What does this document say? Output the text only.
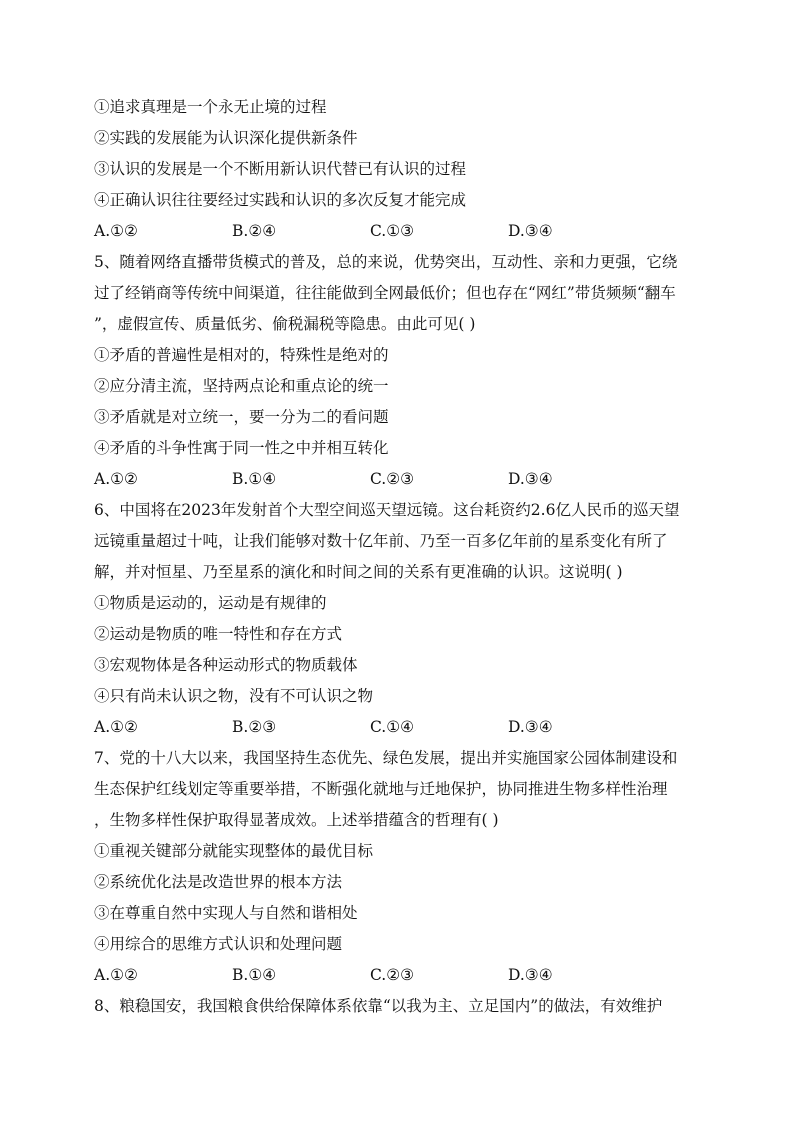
①追求真理是一个永无止境的过程
②实践的发展能为认识深化提供新条件
③认识的发展是一个不断用新认识代替已有认识的过程
④正确认识往往要经过实践和认识的多次反复才能完成
A.①②	B.②④	C.①③	D.③④
5、随着网络直播带货模式的普及，总的来说，优势突出，互动性、亲和力更强，它绕
过了经销商等传统中间渠道，往往能做到全网最低价；但也存在“网红”带货频频“翻车
”，虚假宣传、质量低劣、偷税漏税等隐患。由此可见( )
①矛盾的普遍性是相对的，特殊性是绝对的
②应分清主流，坚持两点论和重点论的统一
③矛盾就是对立统一，要一分为二的看问题
④矛盾的斗争性寓于同一性之中并相互转化
A.①②	B.①④	C.②③	D.③④
6、中国将在2023年发射首个大型空间巡天望远镜。这台耗资约2.6亿人民币的巡天望
远镜重量超过十吨，让我们能够对数十亿年前、乃至一百多亿年前的星系变化有所了
解，并对恒星、乃至星系的演化和时间之间的关系有更准确的认识。这说明( )
①物质是运动的，运动是有规律的
②运动是物质的唯一特性和存在方式
③宏观物体是各种运动形式的物质载体
④只有尚未认识之物，没有不可认识之物
A.①②	B.②③	C.①④	D.③④
7、党的十八大以来，我国坚持生态优先、绿色发展，提出并实施国家公园体制建设和
生态保护红线划定等重要举措，不断强化就地与迁地保护，协同推进生物多样性治理
，生物多样性保护取得显著成效。上述举措蕴含的哲理有( )
①重视关键部分就能实现整体的最优目标
②系统优化法是改造世界的根本方法
③在尊重自然中实现人与自然和谐相处
④用综合的思维方式认识和处理问题
A.①②	B.①④	C.②③	D.③④
8、粮稳国安，我国粮食供给保障体系依靠“以我为主、立足国内”的做法，有效维护
